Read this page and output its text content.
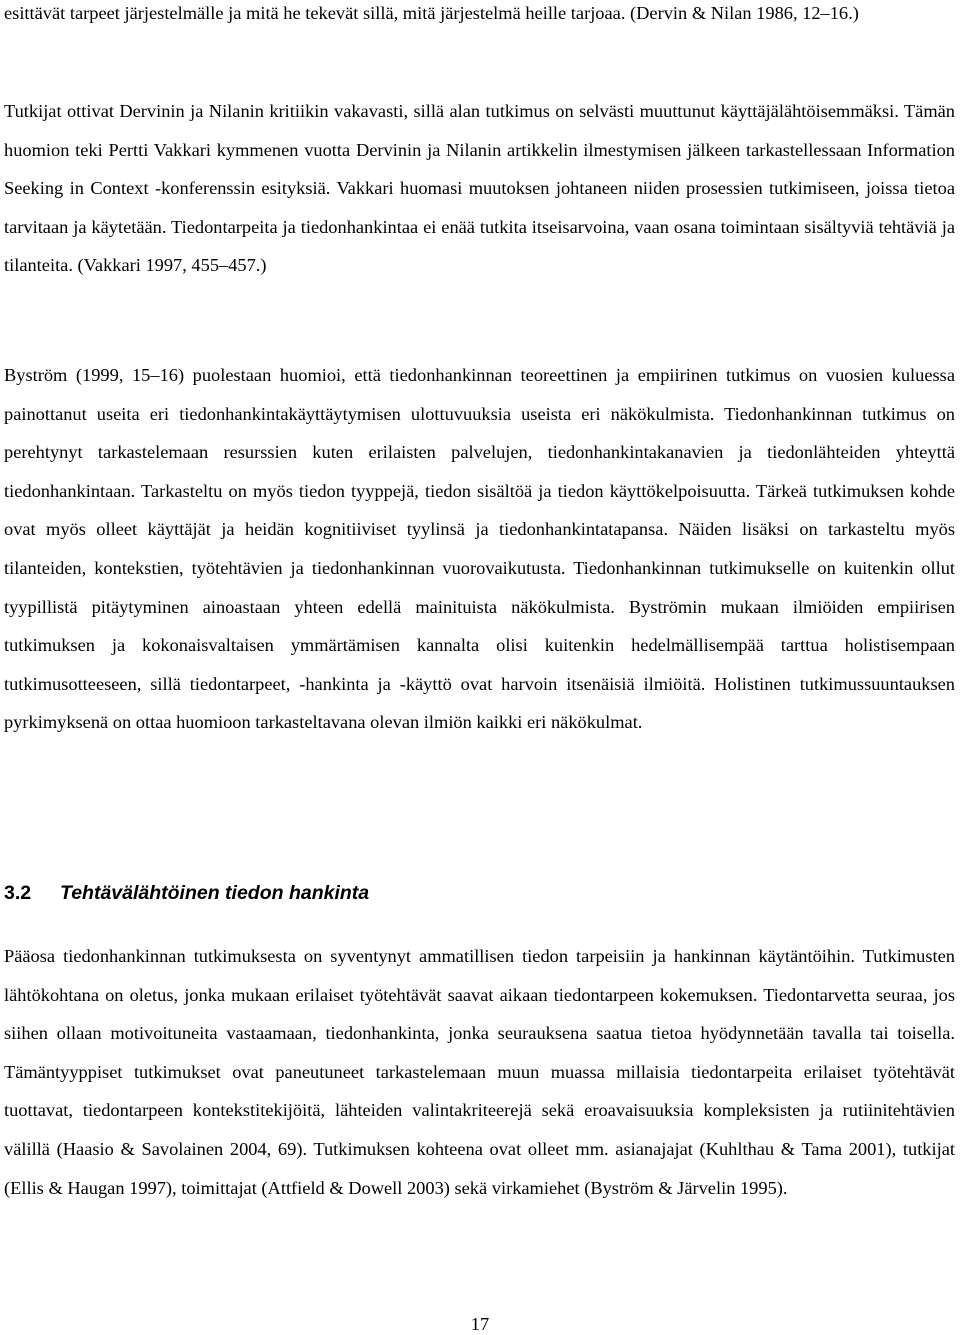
esittävät tarpeet järjestelmälle ja mitä he tekevät sillä, mitä järjestelmä heille tarjoaa. (Dervin & Nilan 1986, 12–16.)

Tutkijat ottivat Dervinin ja Nilanin kritiikin vakavasti, sillä alan tutkimus on selvästi muuttunut käyttäjälähtöisemmäksi. Tämän huomion teki Pertti Vakkari kymmenen vuotta Dervinin ja Nilanin artikkelin ilmestymisen jälkeen tarkastellessaan Information Seeking in Context -konferenssin esityksiä. Vakkari huomasi muutoksen johtaneen niiden prosessien tutkimiseen, joissa tietoa tarvitaan ja käytetään. Tiedontarpeita ja tiedonhankintaa ei enää tutkita itseisarvoina, vaan osana toimintaan sisältyviä tehtäviä ja tilanteita. (Vakkari 1997, 455–457.)

Byström (1999, 15–16) puolestaan huomioi, että tiedonhankinnan teoreettinen ja empiirinen tutkimus on vuosien kuluessa painottanut useita eri tiedonhankintakäyttäytymisen ulottuvuuksia useista eri näkökulmista. Tiedonhankinnan tutkimus on perehtynyt tarkastelemaan resurssien kuten erilaisten palvelujen, tiedonhankintakanavien ja tiedonlähteiden yhteyttä tiedonhankintaan. Tarkasteltu on myös tiedon tyyppejä, tiedon sisältöä ja tiedon käyttökelpoisuutta. Tärkeä tutkimuksen kohde ovat myös olleet käyttäjät ja heidän kognitiiviset tyylinsä ja tiedonhankintatapansa. Näiden lisäksi on tarkasteltu myös tilanteiden, kontekstien, työtehtävien ja tiedonhankinnan vuorovaikutusta. Tiedonhankinnan tutkimukselle on kuitenkin ollut tyypillistä pitäytyminen ainoastaan yhteen edellä mainituista näkökulmista. Byströmin mukaan ilmiöiden empiirisen tutkimuksen ja kokonaisvaltaisen ymmärtämisen kannalta olisi kuitenkin hedelmällisempää tarttua holistisempaan tutkimusotteeseen, sillä tiedontarpeet, -hankinta ja -käyttö ovat harvoin itsenäisiä ilmiöitä. Holistinen tutkimussuuntauksen pyrkimyksenä on ottaa huomioon tarkasteltavana olevan ilmiön kaikki eri näkökulmat.

3.2 Tehtävälähtöinen tiedon hankinta

Pääosa tiedonhankinnan tutkimuksesta on syventynyt ammatillisen tiedon tarpeisiin ja hankinnan käytäntöihin. Tutkimusten lähtökohtana on oletus, jonka mukaan erilaiset työtehtävät saavat aikaan tiedontarpeen kokemuksen. Tiedontarvetta seuraa, jos siihen ollaan motivoituneita vastaamaan, tiedonhankinta, jonka seurauksena saatua tietoa hyödynnetään tavalla tai toisella. Tämäntyyppiset tutkimukset ovat paneutuneet tarkastelemaan muun muassa millaisia tiedontarpeita erilaiset työtehtävät tuottavat, tiedontarpeen kontekstitekijöitä, lähteiden valintakriteerejä sekä eroavaisuuksia kompleksisten ja rutiinitehtävien välillä (Haasio & Savolainen 2004, 69). Tutkimuksen kohteena ovat olleet mm. asianajajat (Kuhlthau & Tama 2001), tutkijat (Ellis & Haugan 1997), toimittajat (Attfield & Dowell 2003) sekä virkamiehet (Byström & Järvelin 1995).

17
